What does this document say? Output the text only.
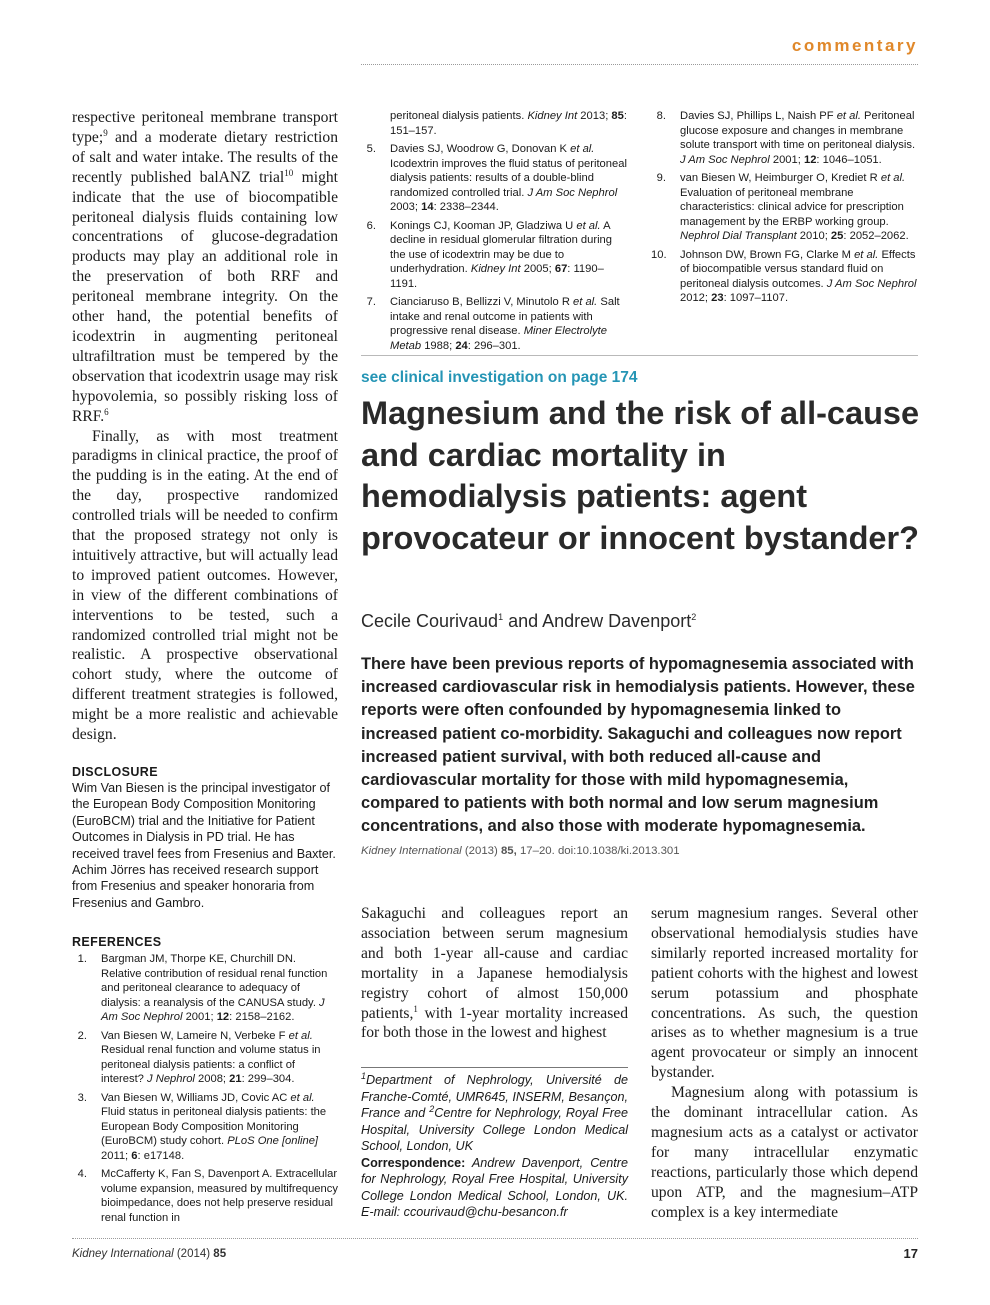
commentary

respective peritoneal membrane transport type;$^9$ and a moderate dietary restriction of salt and water intake. The results of the recently published balANZ trial$^{10}$ might indicate that the use of biocompatible peritoneal dialysis fluids containing low concentrations of glucose-degradation products may play an additional role in the preservation of both RRF and peritoneal membrane integrity. On the other hand, the potential benefits of icodextrin in augmenting peritoneal ultrafiltration must be tempered by the observation that icodextrin usage may risk hypovolemia, so possibly risking loss of RRF.$^6$

Finally, as with most treatment paradigms in clinical practice, the proof of the pudding is in the eating. At the end of the day, prospective randomized controlled trials will be needed to confirm that the proposed strategy not only is intuitively attractive, but will actually lead to improved patient outcomes. However, in view of the different combinations of interventions to be tested, such a randomized controlled trial might not be realistic. A prospective observational cohort study, where the outcome of different treatment strategies is followed, might be a more realistic and achievable design.

DISCLOSURE

Wim Van Biesen is the principal investigator of the European Body Composition Monitoring (EuroBCM) trial and the Initiative for Patient Outcomes in Dialysis in PD trial. He has received travel fees from Fresenius and Baxter. Achim Jörres has received research support from Fresenius and speaker honoraria from Fresenius and Gambro.

REFERENCES

1. Bargman JM, Thorpe KE, Churchill DN. Relative contribution of residual renal function and peritoneal clearance to adequacy of dialysis: a reanalysis of the CANUSA study. J Am Soc Nephrol 2001; 12: 2158–2162.
2. Van Biesen W, Lameire N, Verbeke F et al. Residual renal function and volume status in peritoneal dialysis patients: a conflict of interest? J Nephrol 2008; 21: 299–304.
3. Van Biesen W, Williams JD, Covic AC et al. Fluid status in peritoneal dialysis patients: the European Body Composition Monitoring (EuroBCM) study cohort. PLoS One [online] 2011; 6: e17148.
4. McCafferty K, Fan S, Davenport A. Extracellular volume expansion, measured by multifrequency bioimpedance, does not help preserve residual renal function in
peritoneal dialysis patients. Kidney Int 2013; 85: 151–157.
5. Davies SJ, Woodrow G, Donovan K et al. Icodextrin improves the fluid status of peritoneal dialysis patients: results of a double-blind randomized controlled trial. J Am Soc Nephrol 2003; 14: 2338–2344.
6. Konings CJ, Kooman JP, Gladziwa U et al. A decline in residual glomerular filtration during the use of icodextrin may be due to underhydration. Kidney Int 2005; 67: 1190–1191.
7. Cianciaruso B, Bellizzi V, Minutolo R et al. Salt intake and renal outcome in patients with progressive renal disease. Miner Electrolyte Metab 1988; 24: 296–301.
8. Davies SJ, Phillips L, Naish PF et al. Peritoneal glucose exposure and changes in membrane solute transport with time on peritoneal dialysis. J Am Soc Nephrol 2001; 12: 1046–1051.
9. van Biesen W, Heimburger O, Krediet R et al. Evaluation of peritoneal membrane characteristics: clinical advice for prescription management by the ERBP working group. Nephrol Dial Transplant 2010; 25: 2052–2062.
10. Johnson DW, Brown FG, Clarke M et al. Effects of biocompatible versus standard fluid on peritoneal dialysis outcomes. J Am Soc Nephrol 2012; 23: 1097–1107.
see clinical investigation on page 174
Magnesium and the risk of all-cause and cardiac mortality in hemodialysis patients: agent provocateur or innocent bystander?
Cecile Courivaud$^1$ and Andrew Davenport$^2$

There have been previous reports of hypomagnesemia associated with increased cardiovascular risk in hemodialysis patients. However, these reports were often confounded by hypomagnesemia linked to increased patient co-morbidity. Sakaguchi and colleagues now report increased patient survival, with both reduced all-cause and cardiovascular mortality for those with mild hypomagnesemia, compared to patients with both normal and low serum magnesium concentrations, and also those with moderate hypomagnesemia.

Kidney International (2013) 85, 17–20. doi:10.1038/ki.2013.301

Sakaguchi and colleagues report an association between serum magnesium and both 1-year all-cause and cardiac mortality in a Japanese hemodialysis registry cohort of almost 150,000 patients,$^1$ with 1-year mortality increased for both those in the lowest and highest

serum magnesium ranges. Several other observational hemodialysis studies have similarly reported increased mortality for patient cohorts with the highest and lowest serum potassium and phosphate concentrations. As such, the question arises as to whether magnesium is a true agent provocateur or simply an innocent bystander.

Magnesium along with potassium is the dominant intracellular cation. As magnesium acts as a catalyst or activator for many intracellular enzymatic reactions, particularly those which depend upon ATP, and the magnesium–ATP complex is a key intermediate

$^1$Department of Nephrology, Université de Franche-Comté, UMR645, INSERM, Besançon, France and $^2$Centre for Nephrology, Royal Free Hospital, University College London Medical School, London, UK
Correspondence: Andrew Davenport, Centre for Nephrology, Royal Free Hospital, University College London Medical School, London, UK. E-mail: ccourivaud@chu-besancon.fr

Kidney International (2014) 85	17
